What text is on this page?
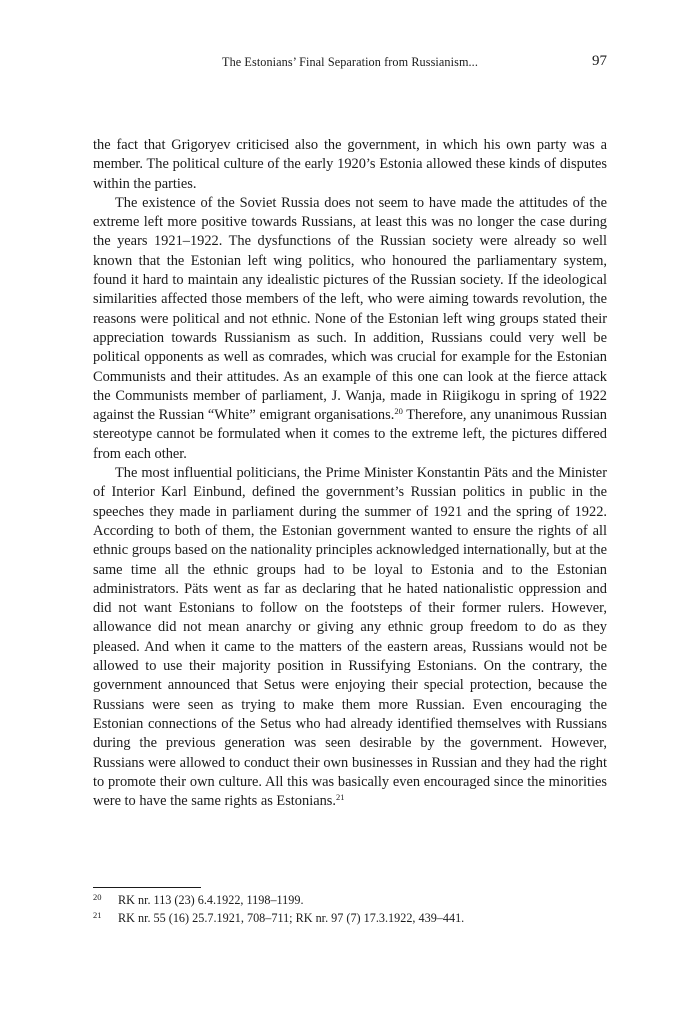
The Estonians’ Final Separation from Russianism...	97

the fact that Grigoryev criticised also the government, in which his own party was a member. The political culture of the early 1920’s Estonia allowed these kinds of disputes within the parties.

The existence of the Soviet Russia does not seem to have made the attitudes of the extreme left more positive towards Russians, at least this was no longer the case during the years 1921–1922. The dysfunctions of the Russian society were already so well known that the Estonian left wing politics, who honoured the parliamentary system, found it hard to maintain any idealistic pictures of the Russian society. If the ideological similarities affected those members of the left, who were aiming towards revolution, the reasons were political and not ethnic. None of the Estonian left wing groups stated their appreciation towards Russianism as such. In addition, Russians could very well be political opponents as well as comrades, which was crucial for example for the Estonian Communists and their attitudes. As an example of this one can look at the fierce attack the Communists member of parliament, J. Wanja, made in Riigikogu in spring of 1922 against the Russian “White” emigrant organisations.$^{20}$ Therefore, any unanimous Russian stereotype cannot be formulated when it comes to the extreme left, the pictures differed from each other.

The most influential politicians, the Prime Minister Konstantin Päts and the Minister of Interior Karl Einbund, defined the government’s Russian politics in public in the speeches they made in parliament during the summer of 1921 and the spring of 1922. According to both of them, the Estonian government wanted to ensure the rights of all ethnic groups based on the nationality principles acknowledged internationally, but at the same time all the ethnic groups had to be loyal to Estonia and to the Estonian administrators. Päts went as far as declaring that he hated nationalistic oppression and did not want Estonians to follow on the footsteps of their former rulers. However, allowance did not mean anarchy or giving any ethnic group freedom to do as they pleased. And when it came to the matters of the eastern areas, Russians would not be allowed to use their majority position in Russifying Estonians. On the contrary, the government announced that Setus were enjoying their special protection, because the Russians were seen as trying to make them more Russian. Even encouraging the Estonian connections of the Setus who had already identified themselves with Russians during the previous generation was seen desirable by the government. However, Russians were allowed to conduct their own businesses in Russian and they had the right to promote their own culture. All this was basically even encouraged since the minorities were to have the same rights as Estonians.$^{21}$

20 RK nr. 113 (23) 6.4.1922, 1198–1199.
21 RK nr. 55 (16) 25.7.1921, 708–711; RK nr. 97 (7) 17.3.1922, 439–441.
